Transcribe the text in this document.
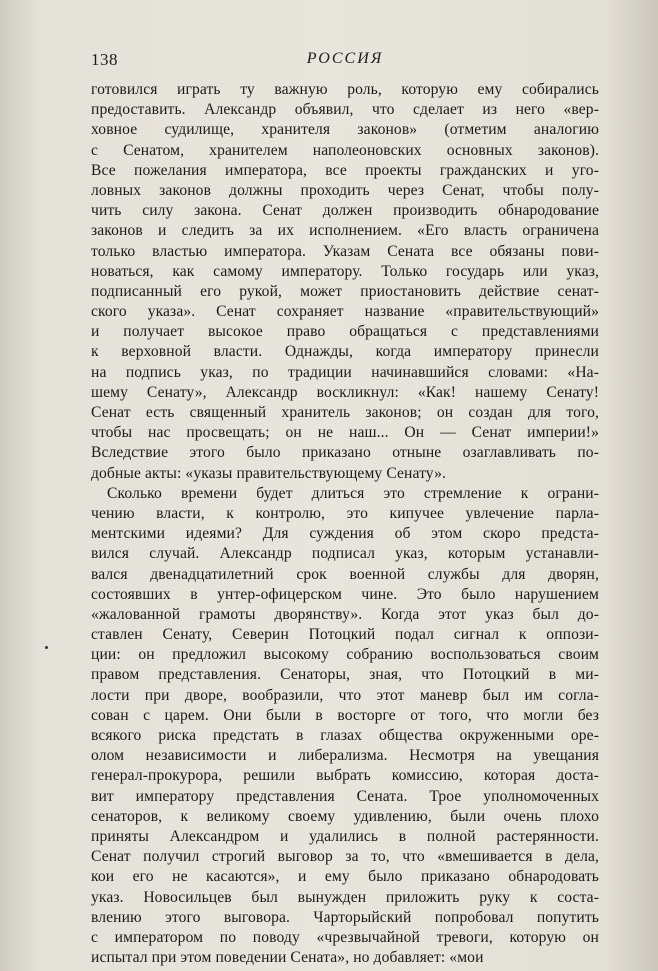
138	РОССИЯ
готовился играть ту важную роль, которую ему собирались
предоставить. Александр объявил, что сделает из него «вер-
ховное судилище, хранителя законов» (отметим аналогию
с Сенатом, хранителем наполеоновских основных законов).
Все пожелания императора, все проекты гражданских и уго-
ловных законов должны проходить через Сенат, чтобы полу-
чить силу закона. Сенат должен производить обнародование
законов и следить за их исполнением. «Его власть ограничена
только властью императора. Указам Сената все обязаны пови-
новаться, как самому императору. Только государь или указ,
подписанный его рукой, может приостановить действие сенат-
ского указа». Сенат сохраняет название «правительствующий»
и получает высокое право обращаться с представлениями
к верховной власти. Однажды, когда императору принесли
на подпись указ, по традиции начинавшийся словами: «На-
шему Сенату», Александр воскликнул: «Как! нашему Сенату!
Сенат есть священный хранитель законов; он создан для того,
чтобы нас просвещать; он не наш... Он — Сенат империи!»
Вследствие этого было приказано отныне озаглавливать по-
добные акты: «указы правительствующему Сенату».
Сколько времени будет длиться это стремление к ограни-
чению власти, к контролю, это кипучее увлечение парла-
ментскими идеями? Для суждения об этом скоро предста-
вился случай. Александр подписал указ, которым устанавли-
вался двенадцатилетний срок военной службы для дворян,
состоявших в унтер-офицерском чине. Это было нарушением
«жалованной грамоты дворянству». Когда этот указ был до-
ставлен Сенату, Северин Потоцкий подал сигнал к оппози-
ции: он предложил высокому собранию воспользоваться своим
правом представления. Сенаторы, зная, что Потоцкий в ми-
лости при дворе, вообразили, что этот маневр был им согла-
сован с царем. Они были в восторге от того, что могли без
всякого риска предстать в глазах общества окруженными оре-
олом независимости и либерализма. Несмотря на увещания
генерал-прокурора, решили выбрать комиссию, которая доста-
вит императору представления Сената. Трое уполномоченных
сенаторов, к великому своему удивлению, были очень плохо
приняты Александром и удалились в полной растерянности.
Сенат получил строгий выговор за то, что «вмешивается в дела,
кои его не касаются», и ему было приказано обнародовать
указ. Новосильцев был вынужден приложить руку к соста-
влению этого выговора. Чарторыйский попробовал попутить
с императором по поводу «чрезвычайной тревоги, которую он
испытал при этом поведении Сената», но добавляет: «мои
